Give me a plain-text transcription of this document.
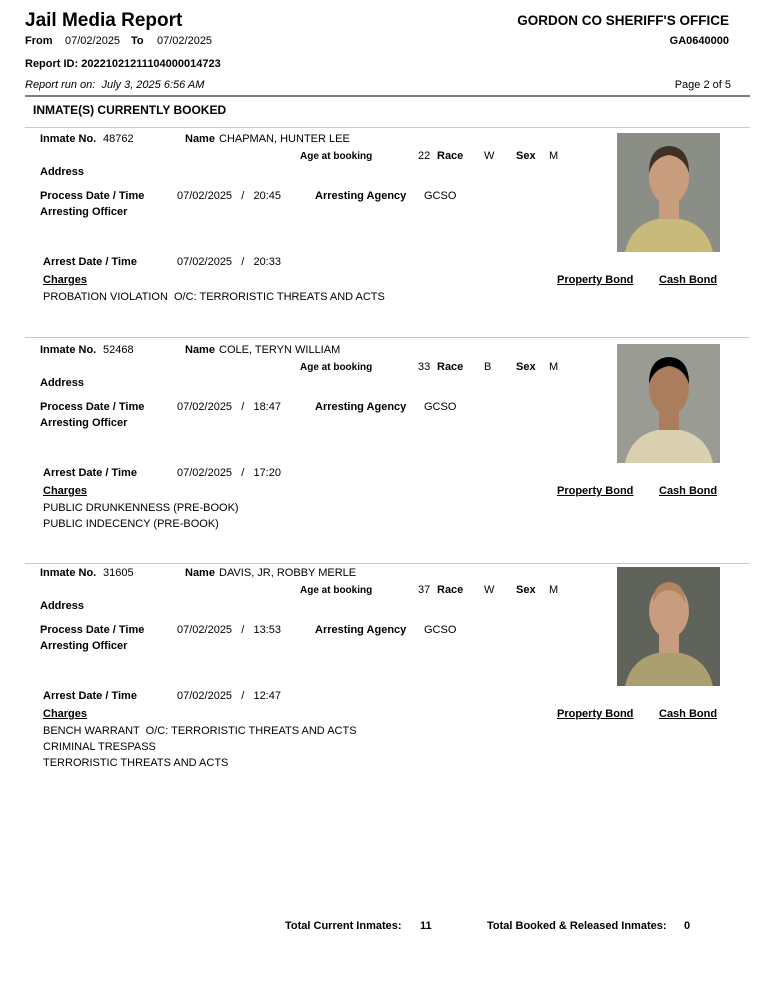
Jail Media Report	GORDON CO SHERIFF'S OFFICE
From 07/02/2025 To 07/02/2025	GA0640000
Report ID: 20221021211104000014723
Report run on: July 3, 2025 6:56 AM	Page 2 of 5
INMATE(S) CURRENTLY BOOKED
Inmate No. 48762	Name CHAPMAN, HUNTER LEE
Age at booking	22 Race W Sex M
Address
Process Date / Time	07/02/2025   /   20:45	Arresting Agency GCSO
Arresting Officer
Arrest Date / Time	07/02/2025   /   20:33
Charges	Property Bond Cash Bond
PROBATION VIOLATION  O/C: TERRORISTIC THREATS AND ACTS
Inmate No. 52468	Name COLE, TERYN WILLIAM
Age at booking	33 Race B Sex M
Address
Process Date / Time	07/02/2025   /   18:47	Arresting Agency GCSO
Arresting Officer
Arrest Date / Time	07/02/2025   /   17:20
Charges	Property Bond Cash Bond
PUBLIC DRUNKENNESS (PRE-BOOK)
PUBLIC INDECENCY (PRE-BOOK)
Inmate No. 31605	Name DAVIS, JR, ROBBY MERLE
Age at booking	37 Race W Sex M
Address
Process Date / Time	07/02/2025   /   13:53	Arresting Agency GCSO
Arresting Officer
Arrest Date / Time	07/02/2025   /   12:47
Charges	Property Bond Cash Bond
BENCH WARRANT  O/C: TERRORISTIC THREATS AND ACTS
CRIMINAL TRESPASS
TERRORISTIC THREATS AND ACTS
Total Current Inmates: 11	Total Booked & Released Inmates: 0
